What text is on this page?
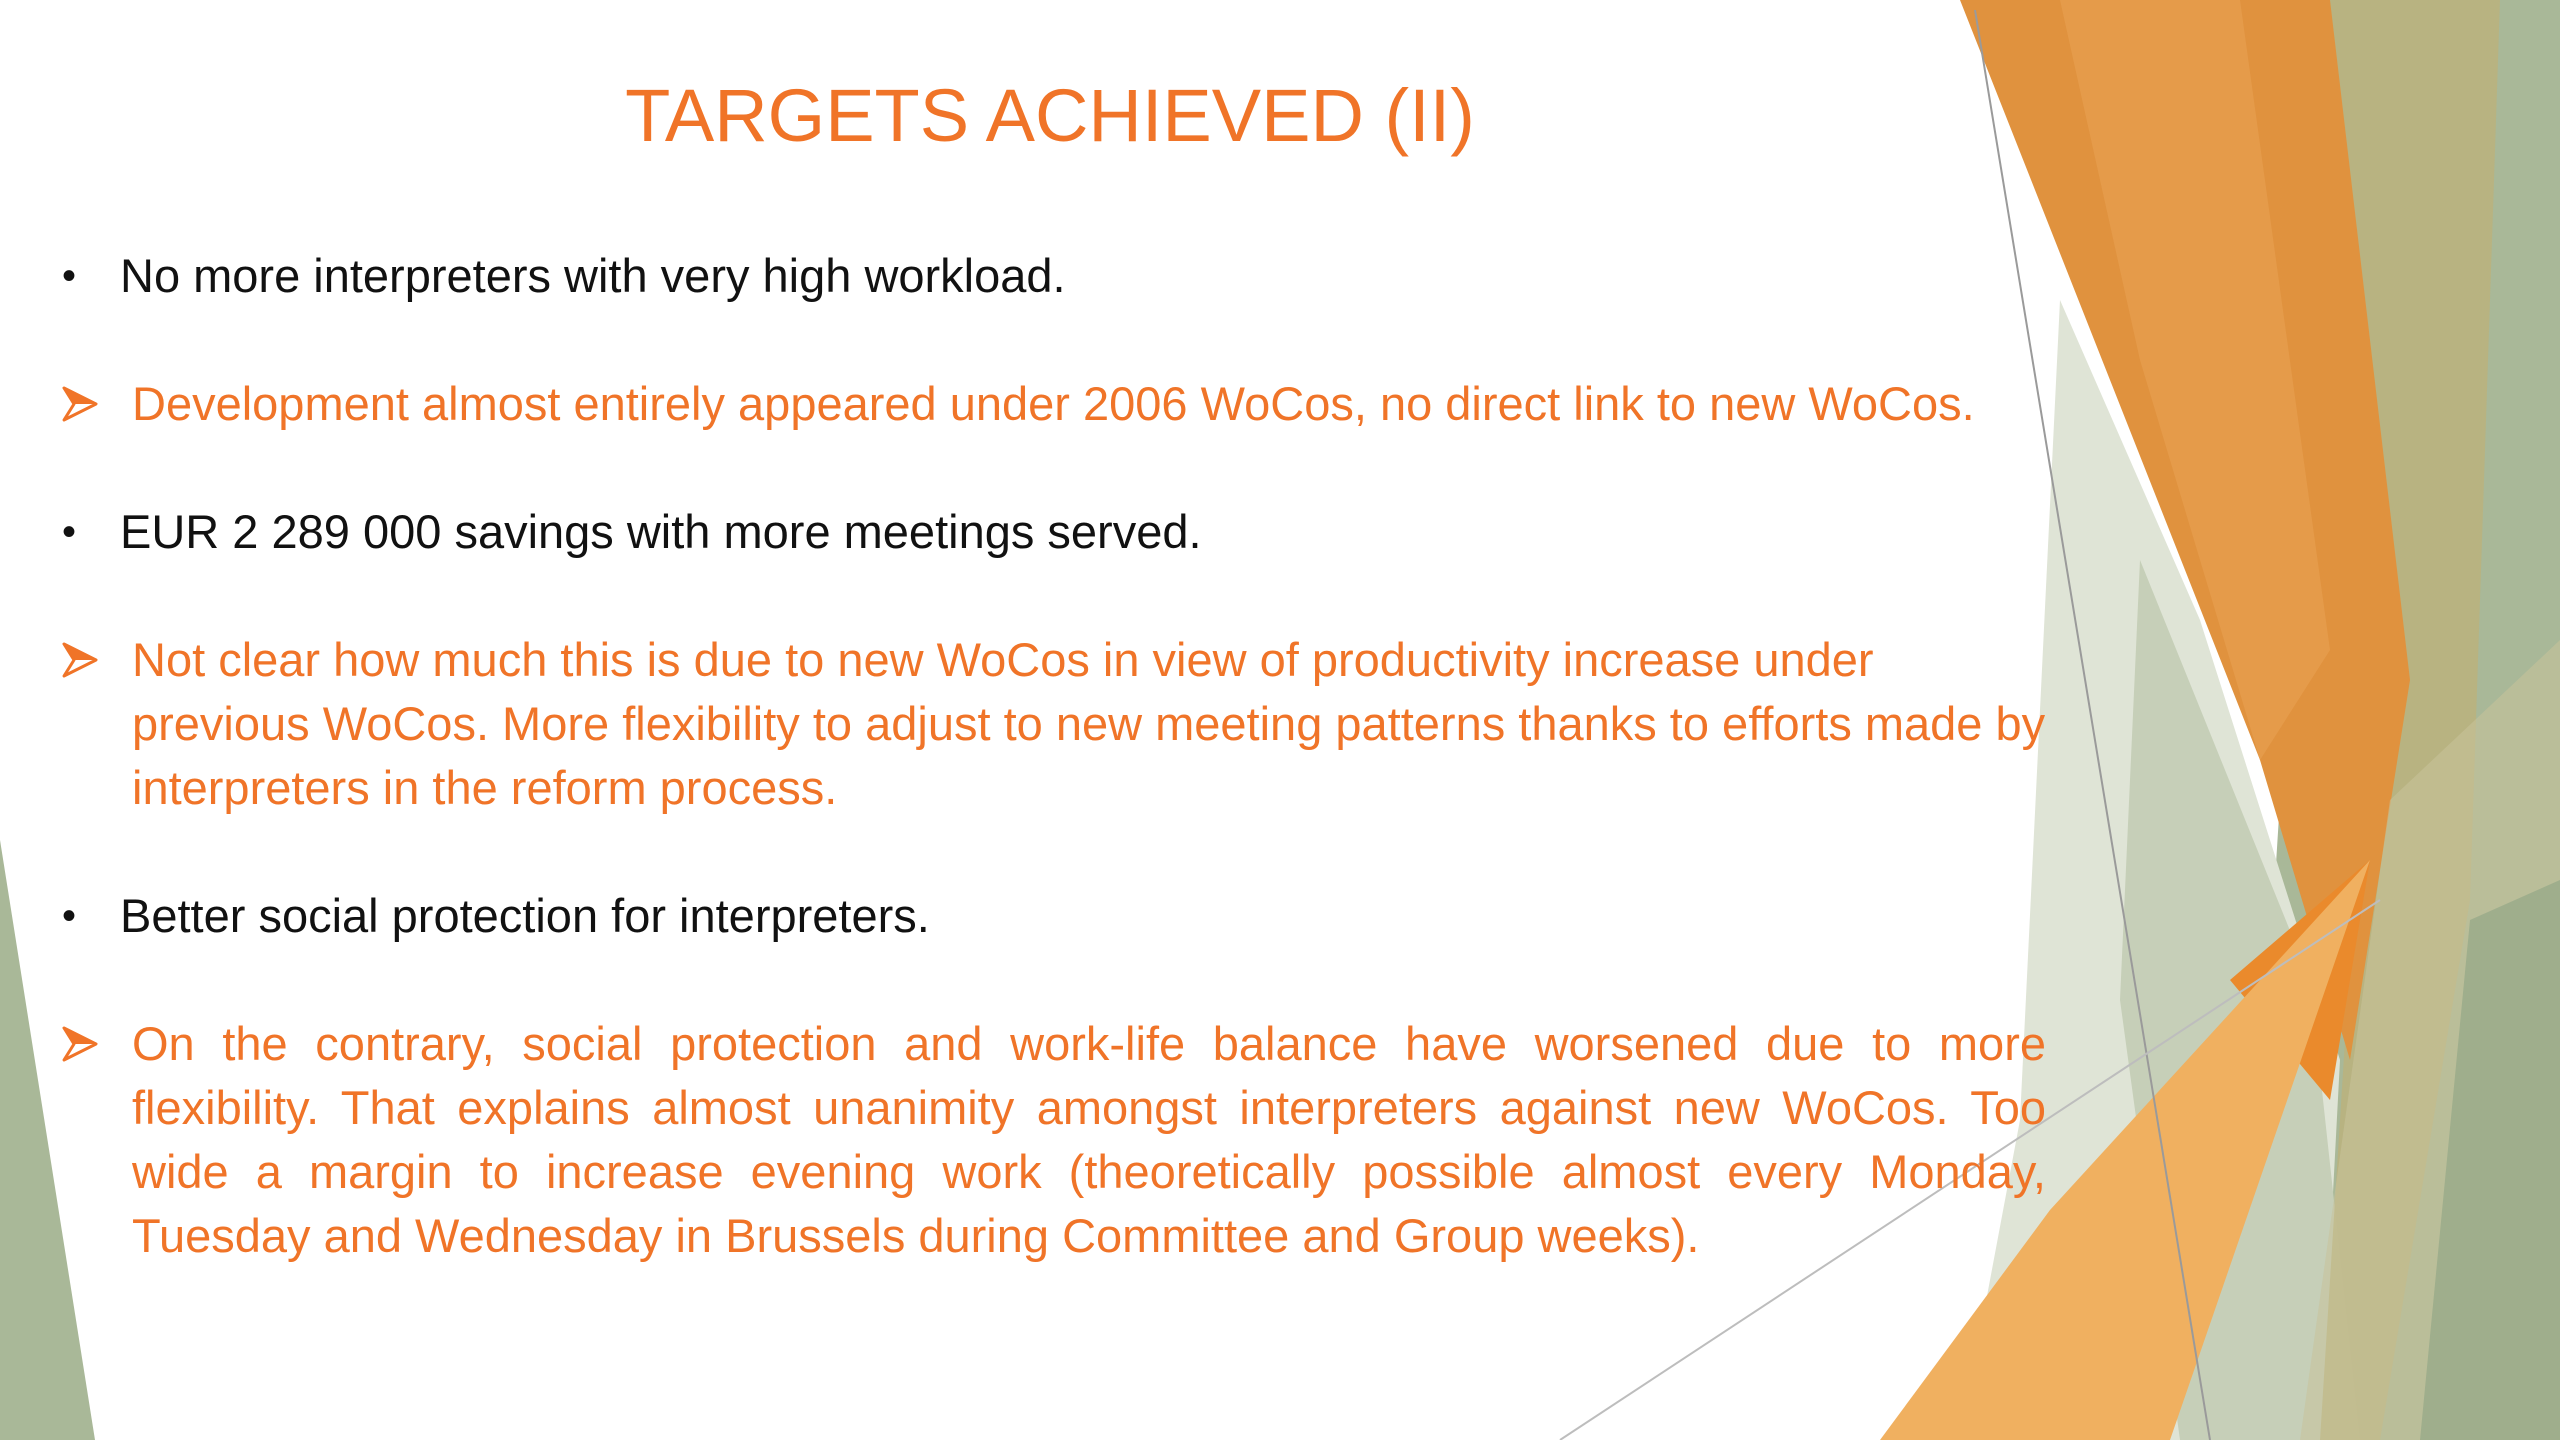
TARGETS ACHIEVED (II)
• No more interpreters with very high workload.
Development almost entirely appeared under 2006 WoCos, no direct link to new WoCos.
• EUR 2 289 000 savings with more meetings served.
Not clear how much this is due to new WoCos in view of productivity increase under previous WoCos. More flexibility to adjust to new meeting patterns thanks to efforts made by interpreters in the reform process.
• Better social protection for interpreters.
On the contrary, social protection and work-life balance have worsened due to more flexibility. That explains almost unanimity amongst interpreters against new WoCos. Too wide a margin to increase evening work (theoretically possible almost every Monday, Tuesday and Wednesday in Brussels during Committee and Group weeks).
